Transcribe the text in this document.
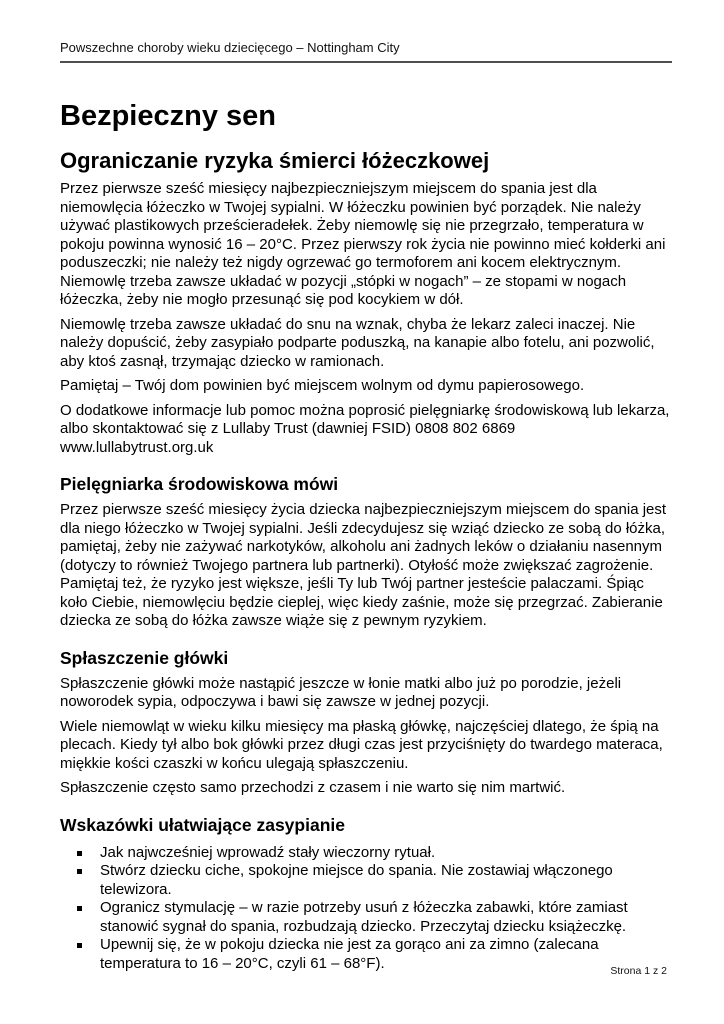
Powszechne choroby wieku dziecięcego – Nottingham City
Bezpieczny sen
Ograniczanie ryzyka śmierci łóżeczkowej

Przez pierwsze sześć miesięcy najbezpieczniejszym miejscem do spania jest dla niemowlęcia łóżeczko w Twojej sypialni. W łóżeczku powinien być porządek. Nie należy używać plastikowych prześcieradełek. Żeby niemowlę się nie przegrzało, temperatura w pokoju powinna wynosić 16 – 20°C. Przez pierwszy rok życia nie powinno mieć kołderki ani poduszeczki; nie należy też nigdy ogrzewać go termoforem ani kocem elektrycznym. Niemowlę trzeba zawsze układać w pozycji „stópki w nogach” – ze stopami w nogach łóżeczka, żeby nie mogło przesunąć się pod kocykiem w dół.

Niemowlę trzeba zawsze układać do snu na wznak, chyba że lekarz zaleci inaczej. Nie należy dopuścić, żeby zasypiało podparte poduszką, na kanapie albo fotelu, ani pozwolić, aby ktoś zasnął, trzymając dziecko w ramionach.

Pamiętaj – Twój dom powinien być miejscem wolnym od dymu papierosowego.

O dodatkowe informacje lub pomoc można poprosić pielęgniarkę środowiskową lub lekarza, albo skontaktować się z Lullaby Trust (dawniej FSID) 0808 802 6869 www.lullabytrust.org.uk

Pielęgniarka środowiskowa mówi

Przez pierwsze sześć miesięcy życia dziecka najbezpieczniejszym miejscem do spania jest dla niego łóżeczko w Twojej sypialni. Jeśli zdecydujesz się wziąć dziecko ze sobą do łóżka, pamiętaj, żeby nie zażywać narkotyków, alkoholu ani żadnych leków o działaniu nasennym (dotyczy to również Twojego partnera lub partnerki). Otyłość może zwiększać zagrożenie. Pamiętaj też, że ryzyko jest większe, jeśli Ty lub Twój partner jesteście palaczami. Śpiąc koło Ciebie, niemowlęciu będzie cieplej, więc kiedy zaśnie, może się przegrzać. Zabieranie dziecka ze sobą do łóżka zawsze wiąże się z pewnym ryzykiem.

Spłaszczenie główki

Spłaszczenie główki może nastąpić jeszcze w łonie matki albo już po porodzie, jeżeli noworodek sypia, odpoczywa i bawi się zawsze w jednej pozycji.

Wiele niemowląt w wieku kilku miesięcy ma płaską główkę, najczęściej dlatego, że śpią na plecach. Kiedy tył albo bok główki przez długi czas jest przyciśnięty do twardego materaca, miękkie kości czaszki w końcu ulegają spłaszczeniu.

Spłaszczenie często samo przechodzi z czasem i nie warto się nim martwić.

Wskazówki ułatwiające zasypianie
Jak najwcześniej wprowadź stały wieczorny rytuał.
Stwórz dziecku ciche, spokojne miejsce do spania. Nie zostawiaj włączonego telewizora.
Ogranicz stymulację – w razie potrzeby usuń z łóżeczka zabawki, które zamiast stanowić sygnał do spania, rozbudzają dziecko. Przeczytaj dziecku książeczkę.
Upewnij się, że w pokoju dziecka nie jest za gorąco ani za zimno (zalecana temperatura to 16 – 20°C, czyli 61 – 68°F).	Strona 1 z 2
